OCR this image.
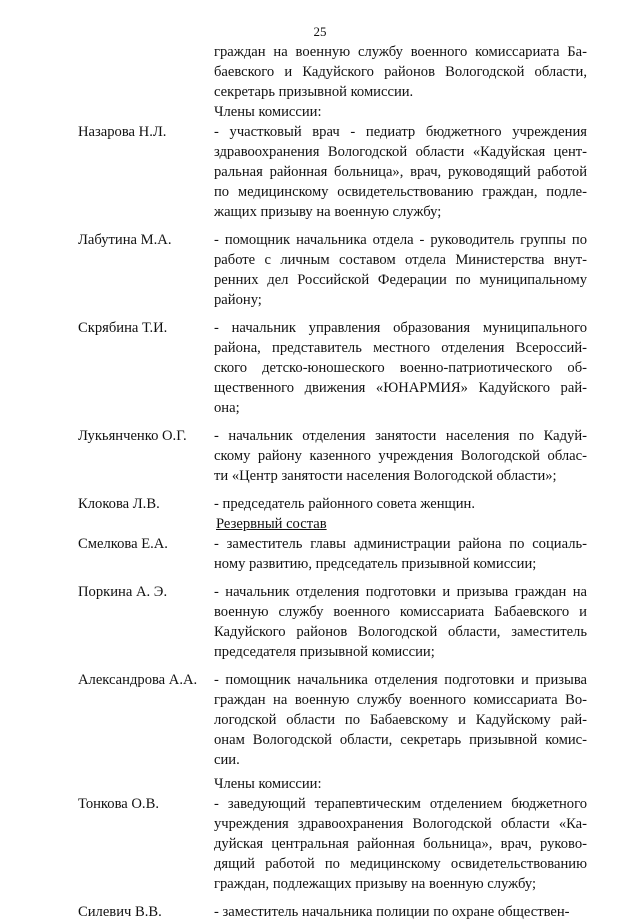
25
граждан на военную службу военного комиссариата Ба-
баевского и Кадуйского районов Вологодской области,
секретарь призывной комиссии.
Члены комиссии:
Назарова Н.Л.	- участковый врач - педиатр бюджетного учреждения
здравоохранения Вологодской области «Кадуйская цент-
ральная районная больница», врач, руководящий работой
по медицинскому освидетельствованию граждан, подле-
жащих призыву на военную службу;
Лабутина М.А.	- помощник начальника отдела - руководитель группы по
работе с личным составом отдела Министерства внут-
ренних дел Российской Федерации по муниципальному
району;
Скрябина Т.И.	- начальник управления образования муниципального
района, представитель местного отделения Всероссий-
ского детско-юношеского военно-патриотического об-
щественного движения «ЮНАРМИЯ» Кадуйского рай-
она;
Лукьянченко О.Г. - начальник отделения занятости населения по Кадуй-
скому району казенного учреждения Вологодской облас-
ти «Центр занятости населения Вологодской области»;
Клокова Л.В.	- председатель районного совета женщин.
Резервный состав
Смелкова Е.А.	- заместитель главы администрации района по социаль-
ному развитию, председатель призывной комиссии;
Поркина А. Э.	- начальник отделения подготовки и призыва граждан на
военную службу военного комиссариата Бабаевского и
Кадуйского районов Вологодской области, заместитель
председателя призывной комиссии;
Александрова А.А. - помощник начальника отделения подготовки и призыва
граждан на военную службу военного комиссариата Во-
логодской области по Бабаевскому и Кадуйскому рай-
онам Вологодской области, секретарь призывной комис-
сии.
Члены комиссии:
Тонкова О.В.	- заведующий терапевтическим отделением бюджетного
учреждения здравоохранения Вологодской области «Ка-
дуйская центральная районная больница», врач, руково-
дящий работой по медицинскому освидетельствованию
граждан, подлежащих призыву на военную службу;
Силевич В.В.	- заместитель начальника полиции по охране обществен-
